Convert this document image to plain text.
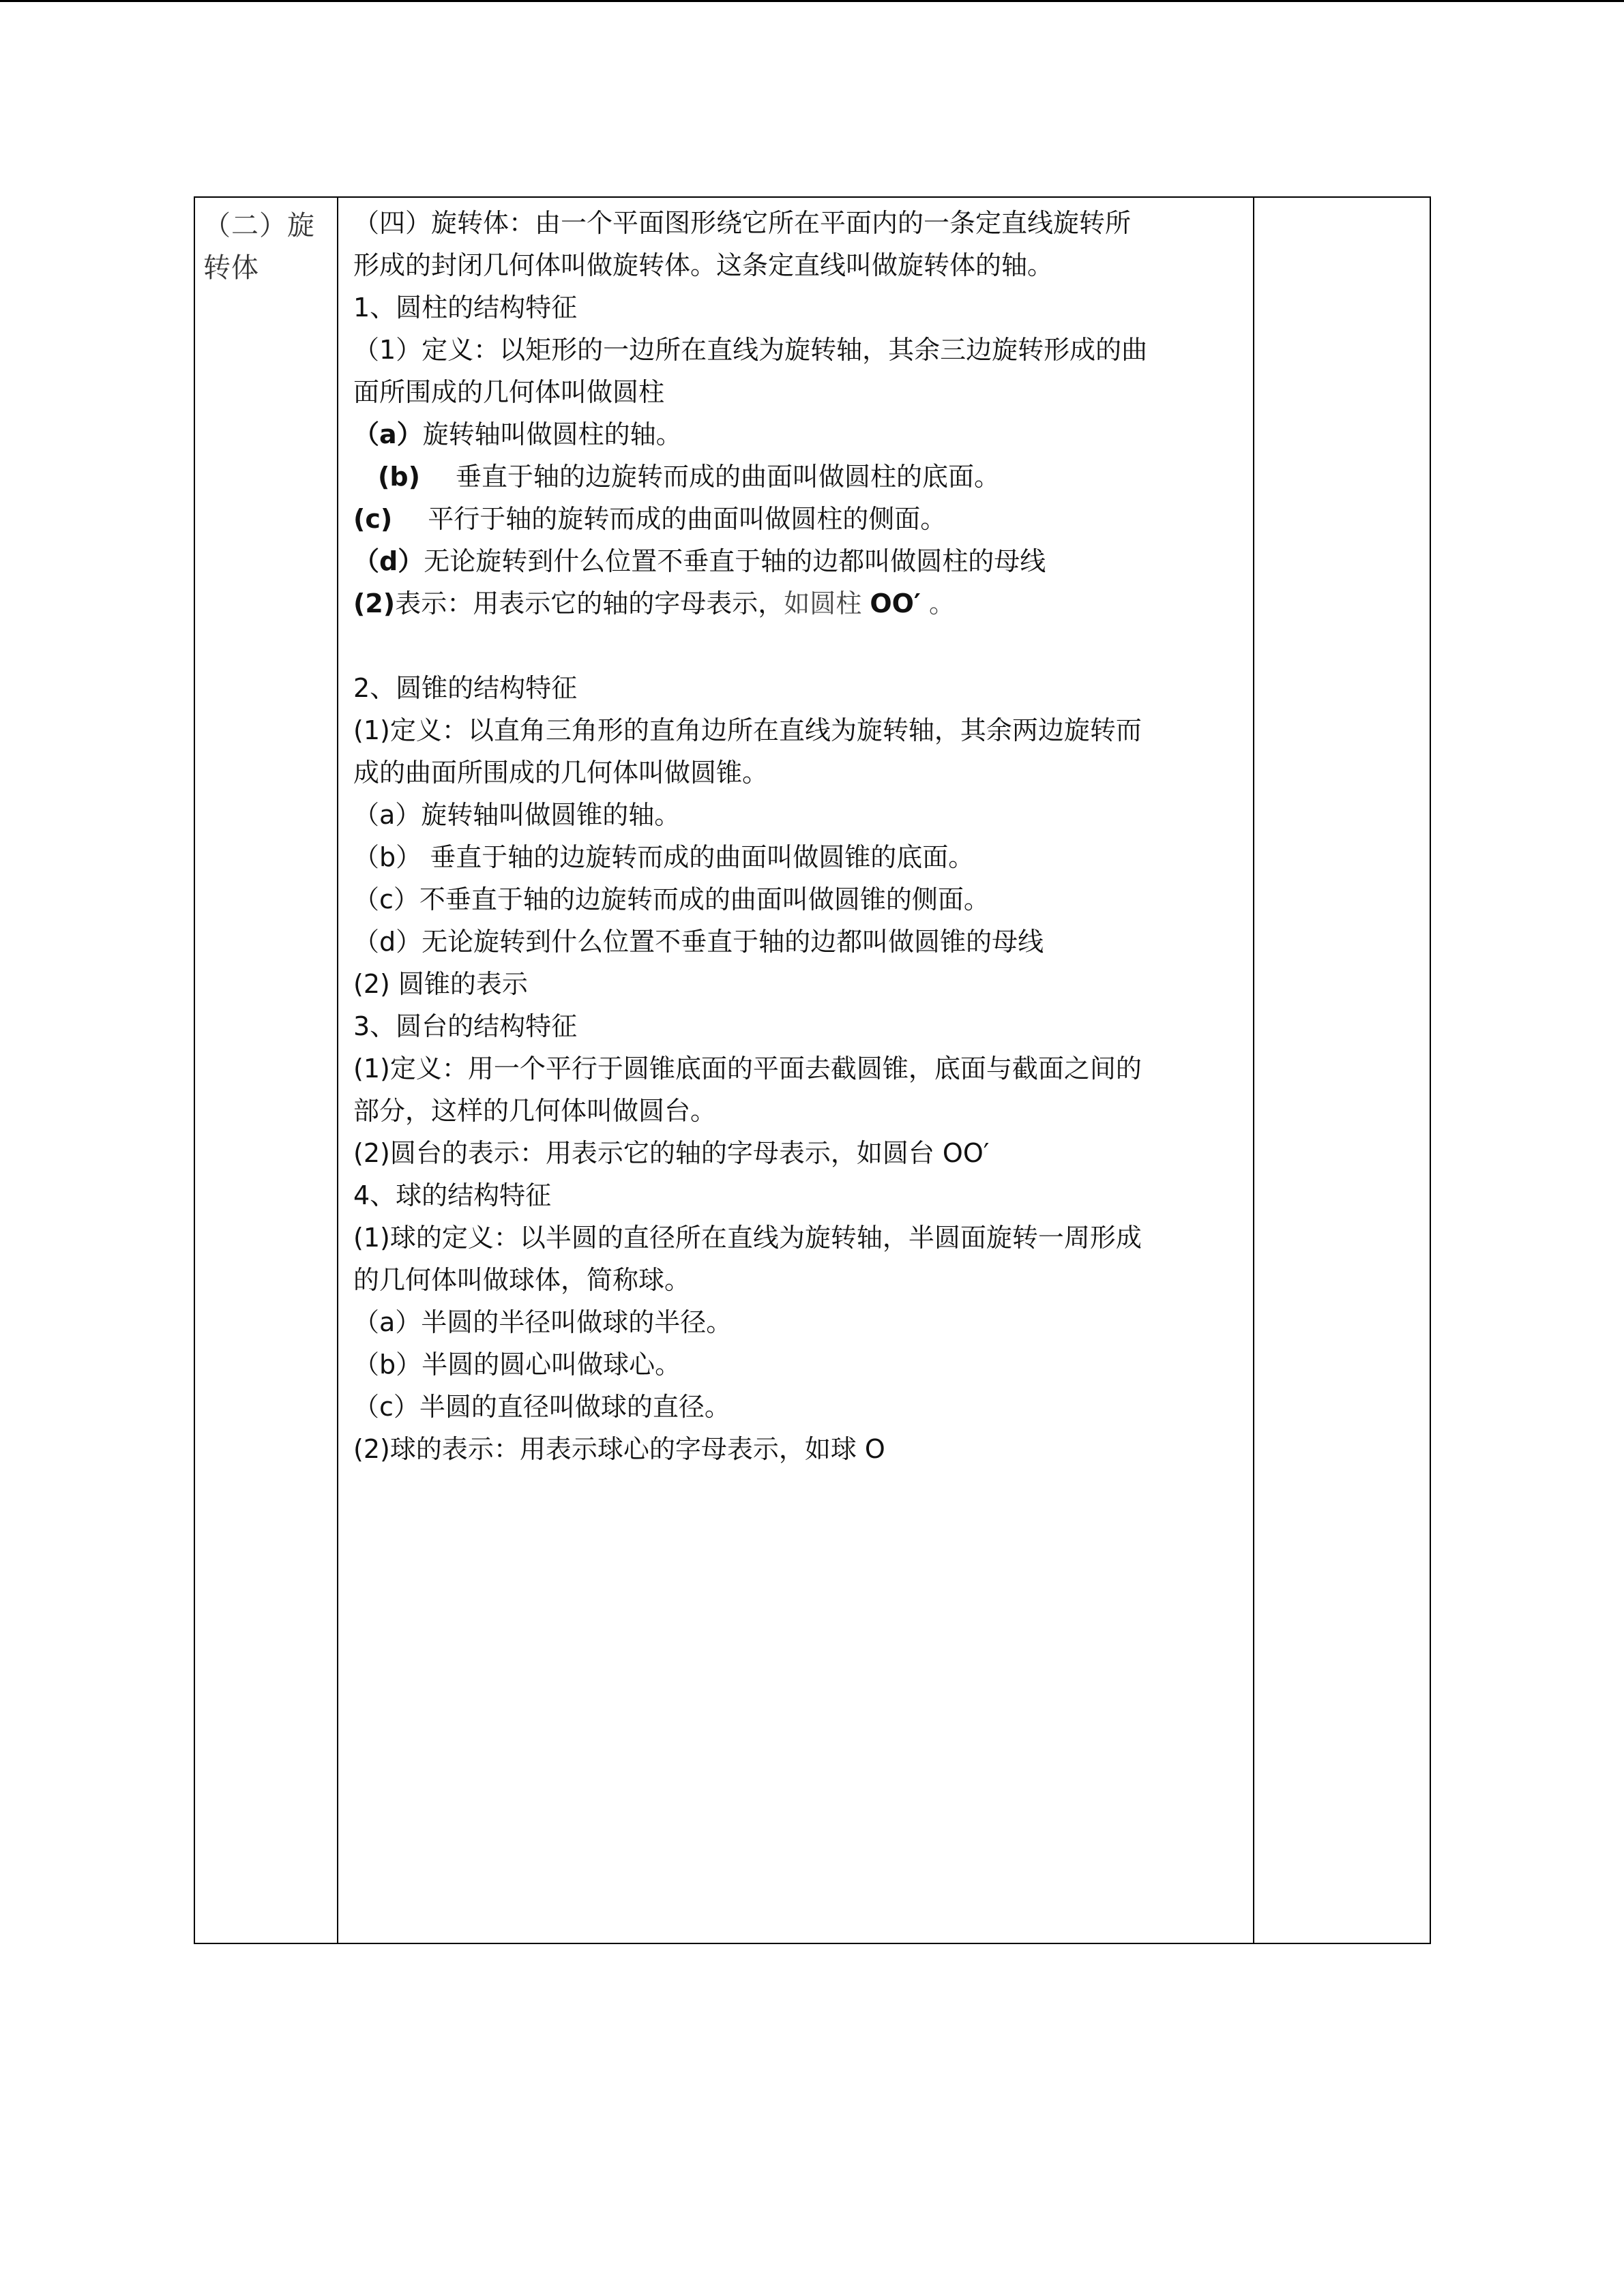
（二）旋
转体
（四）旋转体：由一个平面图形绕它所在平面内的一条定直线旋转所
形成的封闭几何体叫做旋转体。这条定直线叫做旋转体的轴。
1、圆柱的结构特征
（1）定义：以矩形的一边所在直线为旋转轴，其余三边旋转形成的曲
面所围成的几何体叫做圆柱
（a）旋转轴叫做圆柱的轴。
(b) 垂直于轴的边旋转而成的曲面叫做圆柱的底面。
(c) 平行于轴的旋转而成的曲面叫做圆柱的侧面。
（d）无论旋转到什么位置不垂直于轴的边都叫做圆柱的母线
(2)表示：用表示它的轴的字母表示，如圆柱 OO′ 。
2、圆锥的结构特征
(1)定义：以直角三角形的直角边所在直线为旋转轴，其余两边旋转而
成的曲面所围成的几何体叫做圆锥。
（a）旋转轴叫做圆锥的轴。
（b） 垂直于轴的边旋转而成的曲面叫做圆锥的底面。
（c）不垂直于轴的边旋转而成的曲面叫做圆锥的侧面。
（d）无论旋转到什么位置不垂直于轴的边都叫做圆锥的母线
(2) 圆锥的表示
3、圆台的结构特征
(1)定义：用一个平行于圆锥底面的平面去截圆锥，底面与截面之间的
部分，这样的几何体叫做圆台。
(2)圆台的表示：用表示它的轴的字母表示，如圆台 OO′
4、球的结构特征
(1)球的定义：以半圆的直径所在直线为旋转轴，半圆面旋转一周形成
的几何体叫做球体，简称球。
（a）半圆的半径叫做球的半径。
（b）半圆的圆心叫做球心。
（c）半圆的直径叫做球的直径。
(2)球的表示：用表示球心的字母表示，如球 O
